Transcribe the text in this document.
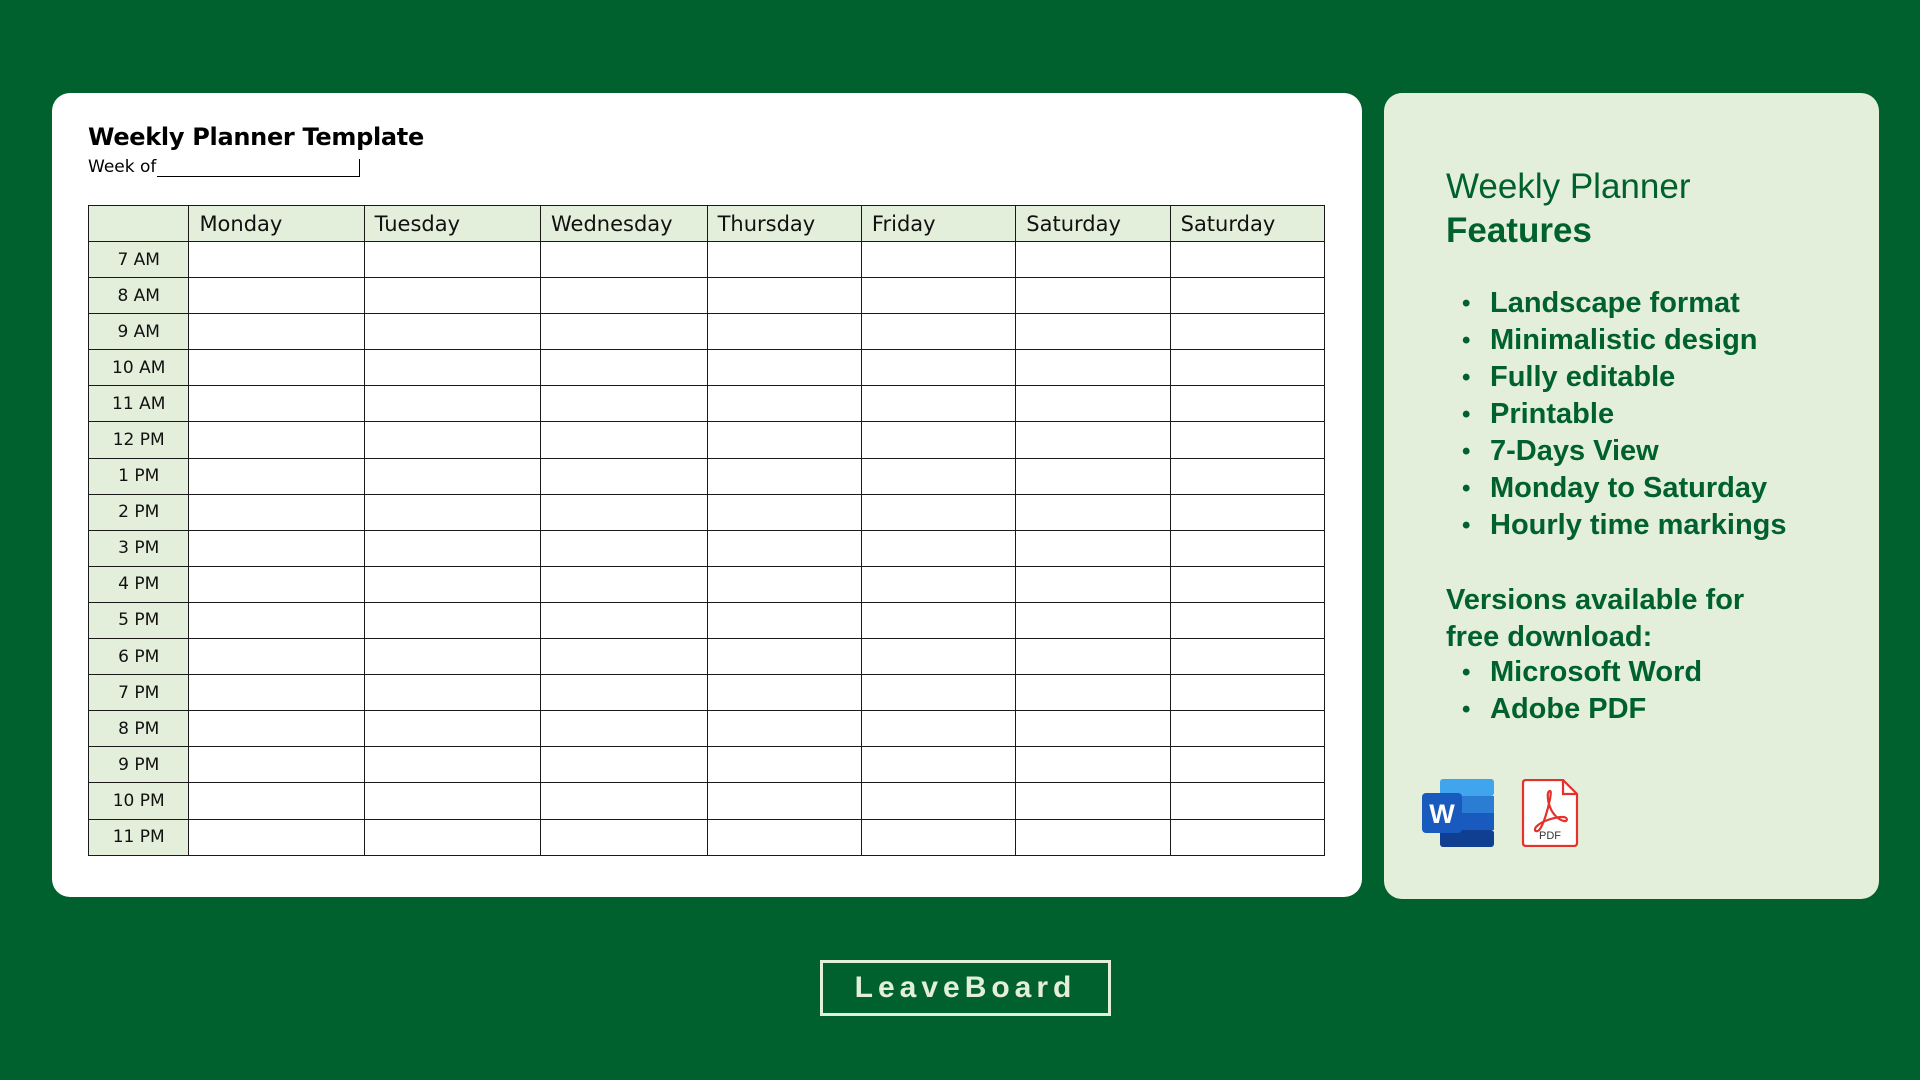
Weekly Planner Template
Week of
	Monday	Tuesday	Wednesday	Thursday	Friday	Saturday	Saturday
7 AM							
8 AM							
9 AM							
10 AM							
11 AM							
12 PM							
1 PM							
2 PM							
3 PM							
4 PM							
5 PM							
6 PM							
7 PM							
8 PM							
9 PM							
10 PM							
11 PM							
Weekly Planner
Features
• Landscape format
• Minimalistic design
• Fully editable
• Printable
• 7-Days View
• Monday to Saturday
• Hourly time markings
Versions available for
free download:
• Microsoft Word
• Adobe PDF
W
PDF
LeaveBoard
